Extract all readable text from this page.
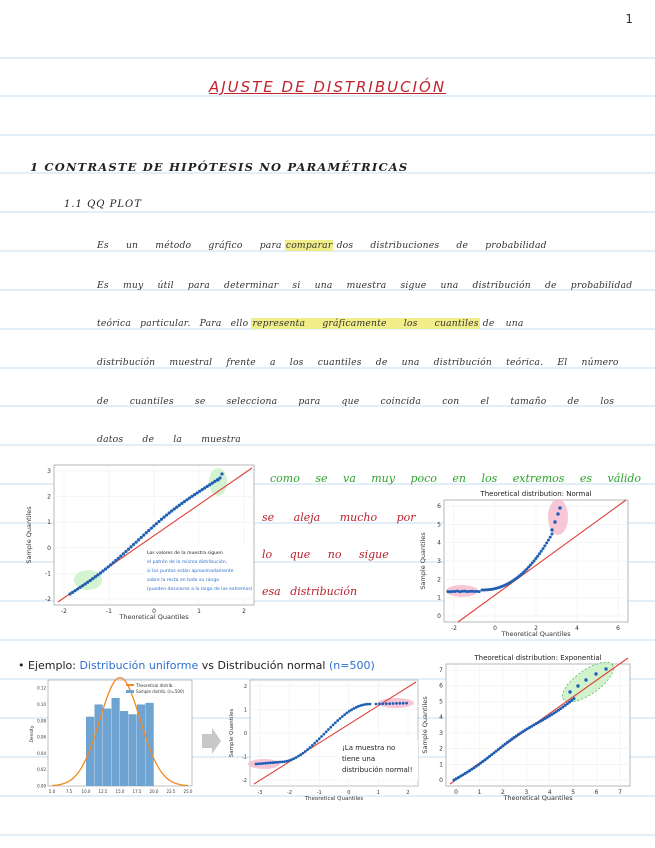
1
AJUSTE DE DISTRIBUCIÓN
1 CONTRASTE DE HIPÓTESIS NO PARAMÉTRICAS
1.1 QQ PLOT
Es un método gráfico para comparar dos distribuciones de probabilidad
Es muy útil para determinar si una muestra sigue una distribución de probabilidad
teórica particular. Para ello representa gráficamente los cuantiles de una
distribución muestral frente a los cuantiles de una distribución teórica. El número
de cuantiles se selecciona para que coincida con el tamaño de los
datos de la muestra
como se va muy poco en los extremos es válido
se aleja mucho por
lo que no sigue
esa distribución
-2	-1	0	1	2
3
2
1
0
-1
-2
Theoretical Quantiles
Sample Quantiles	Los valores de la muestra siguen
el patrón de la misma distribución,
si los puntos están aproximadamente
sobre la recta en todo su rango
(pueden desviarse a lo largo de los extremos)
Theoretical distribution: Normal
-2	0	2	4	6
6
5
4
3
2
1
0
Theoretical Quantiles
Sample Quantiles
• Ejemplo: Distribución uniforme vs Distribución normal (n=500)
Theoretical distribution: Exponential
0	1	2	3	4	5	6	7
7
6
5
4
3
2
1
0
Theoretical Quantiles
Sample Quantiles
5.0	7.5 10.0 12.5 15.0 17.5 20.0 22.5 25.0
0.12
0.10
0.08
0.06
0.04
0.02
0.00
Density
Theoretical distrib.
Sample distrib. (n=500)
-3	-2	-1	0	1	2
2
1
0
-1
-2
Theoretical Quantiles
Sample Quantiles	¡La muestra no
tiene una
distribución normal!
